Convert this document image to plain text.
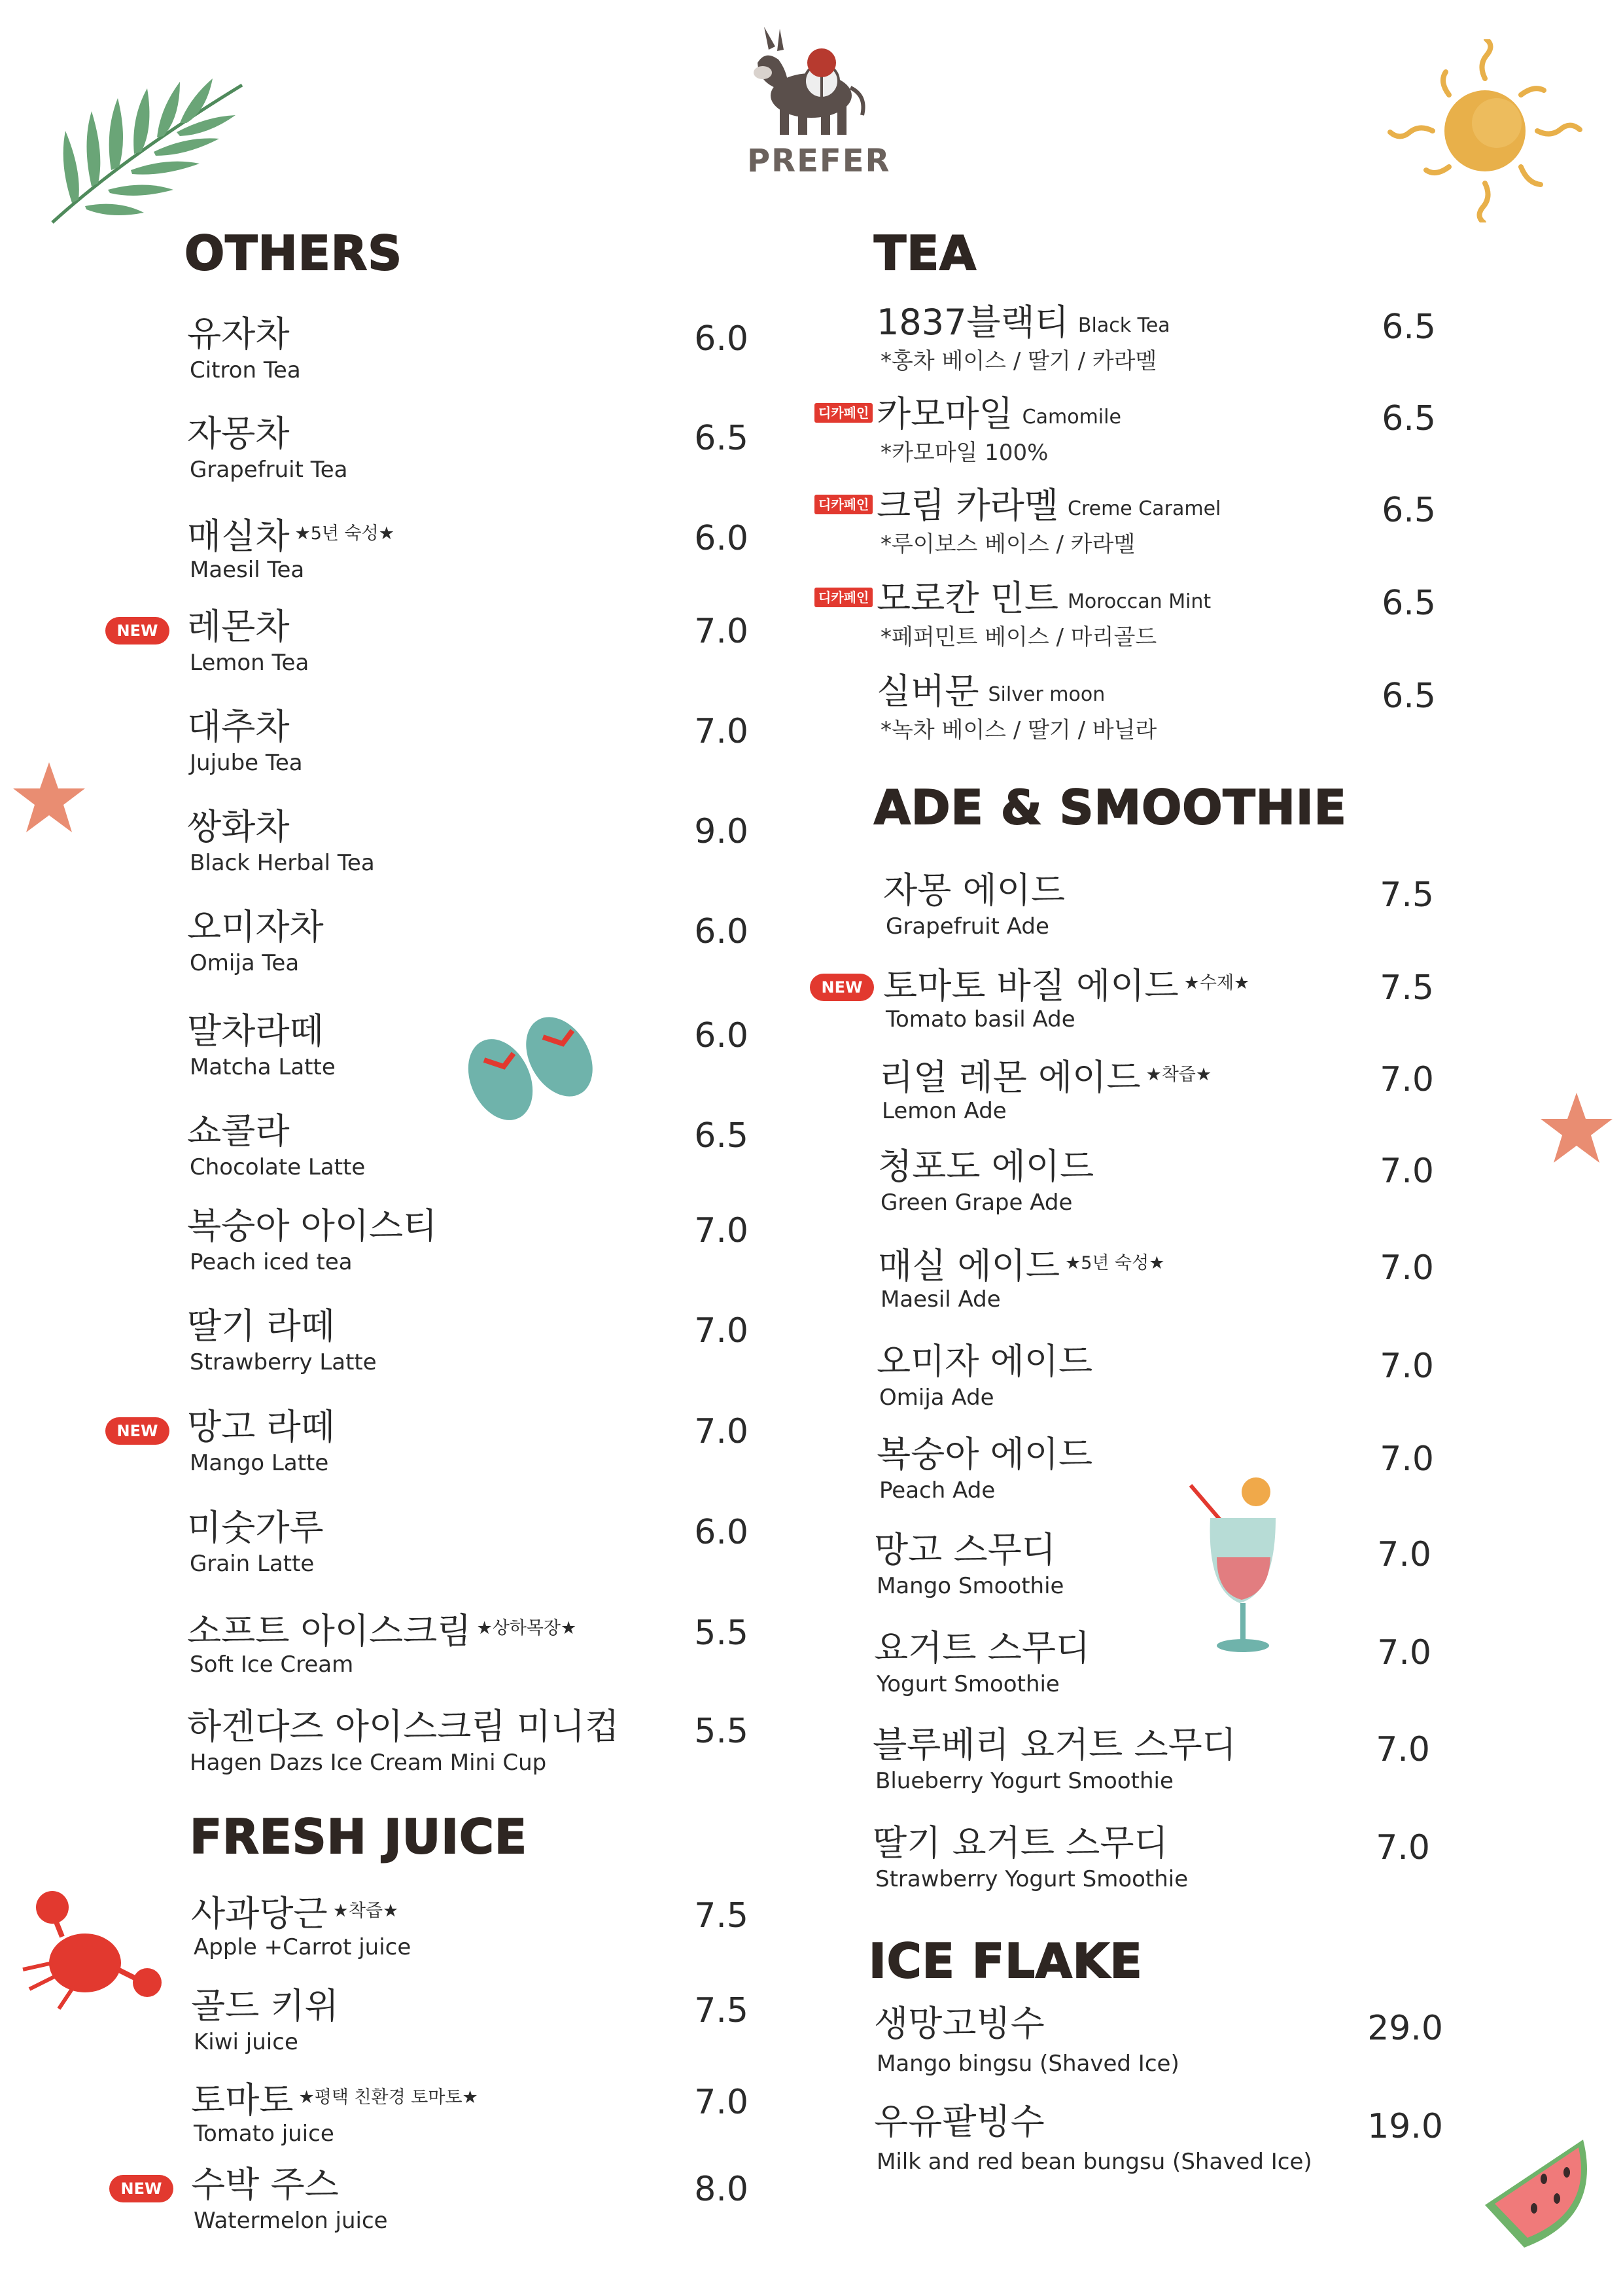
PREFER
OTHERS
유자차
Citron Tea
6.0
자몽차
Grapefruit Tea
6.5
매실차 $^{★5년 숙성★}$
Maesil Tea
6.0
NEW 레몬차
Lemon Tea
7.0
대추차
Jujube Tea
7.0
쌍화차
Black Herbal Tea
9.0
오미자차
Omija Tea
6.0
말차라떼
Matcha Latte
6.0
쇼콜라
Chocolate Latte
6.5
복숭아 아이스티
Peach iced tea
7.0
딸기 라떼
Strawberry Latte
7.0
NEW 망고 라떼
Mango Latte
7.0
미숫가루
Grain Latte
6.0
소프트 아이스크림 $^{★상하목장★}$
Soft Ice Cream
5.5
하겐다즈 아이스크림 미니컵
Hagen Dazs Ice Cream Mini Cup
5.5
FRESH JUICE
사과당근 $^{★착즙★}$
Apple +Carrot juice
7.5
골드 키위
Kiwi juice
7.5
토마토 $^{★평택 친환경 토마토★}$
Tomato juice
7.0
NEW 수박 주스
Watermelon juice
8.0
TEA
1837블랙티 Black Tea
*홍차 베이스 / 딸기 / 카라멜
6.5
디카페인 카모마일 Camomile
*카모마일 100%
6.5
디카페인 크림 카라멜 Creme Caramel
*루이보스 베이스 / 카라멜
6.5
디카페인 모로칸 민트 Moroccan Mint
*페퍼민트 베이스 / 마리골드
6.5
실버문 Silver moon
*녹차 베이스 / 딸기 / 바닐라
6.5
ADE & SMOOTHIE
자몽 에이드
Grapefruit Ade
7.5
NEW 토마토 바질 에이드 $^{★수제★}$
Tomato basil Ade
7.5
리얼 레몬 에이드 $^{★착즙★}$
Lemon Ade
7.0
청포도 에이드
Green Grape Ade
7.0
매실 에이드 $^{★5년 숙성★}$
Maesil Ade
7.0
오미자 에이드
Omija Ade
7.0
복숭아 에이드
Peach Ade
7.0
망고 스무디
Mango Smoothie
7.0
요거트 스무디
Yogurt Smoothie
7.0
블루베리 요거트 스무디
Blueberry Yogurt Smoothie
7.0
딸기 요거트 스무디
Strawberry Yogurt Smoothie
7.0
ICE FLAKE
생망고빙수
Mango bingsu (Shaved Ice)
29.0
우유팥빙수
Milk and red bean bungsu (Shaved Ice)
19.0
